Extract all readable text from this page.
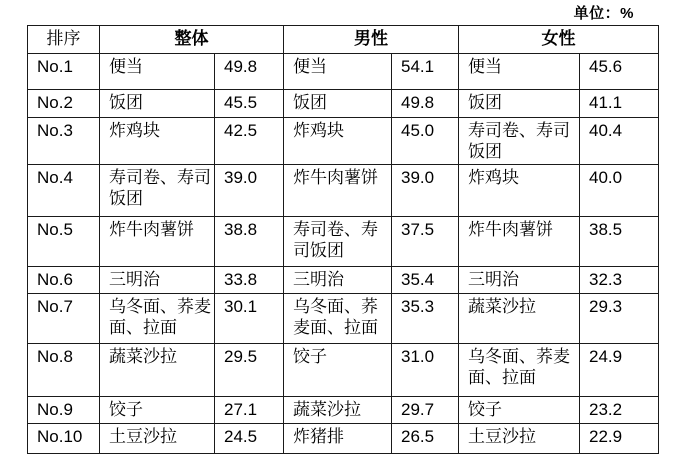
单位：%
排序	整体		男性		女性	
No.1	便当	49.8	便当	54.1	便当	45.6
No.2	饭团	45.5	饭团	49.8	饭团	41.1
No.3	炸鸡块	42.5	炸鸡块	45.0	寿司卷、寿司饭团	40.4
No.4	寿司卷、寿司饭团	39.0	炸牛肉薯饼	39.0	炸鸡块	40.0
No.5	炸牛肉薯饼	38.8	寿司卷、寿司饭团	37.5	炸牛肉薯饼	38.5
No.6	三明治	33.8	三明治	35.4	三明治	32.3
No.7	乌冬面、荞麦面、拉面	30.1	乌冬面、荞麦面、拉面	35.3	蔬菜沙拉	29.3
No.8	蔬菜沙拉	29.5	饺子	31.0	乌冬面、荞麦面、拉面	24.9
No.9	饺子	27.1	蔬菜沙拉	29.7	饺子	23.2
No.10	土豆沙拉	24.5	炸猪排	26.5	土豆沙拉	22.9
